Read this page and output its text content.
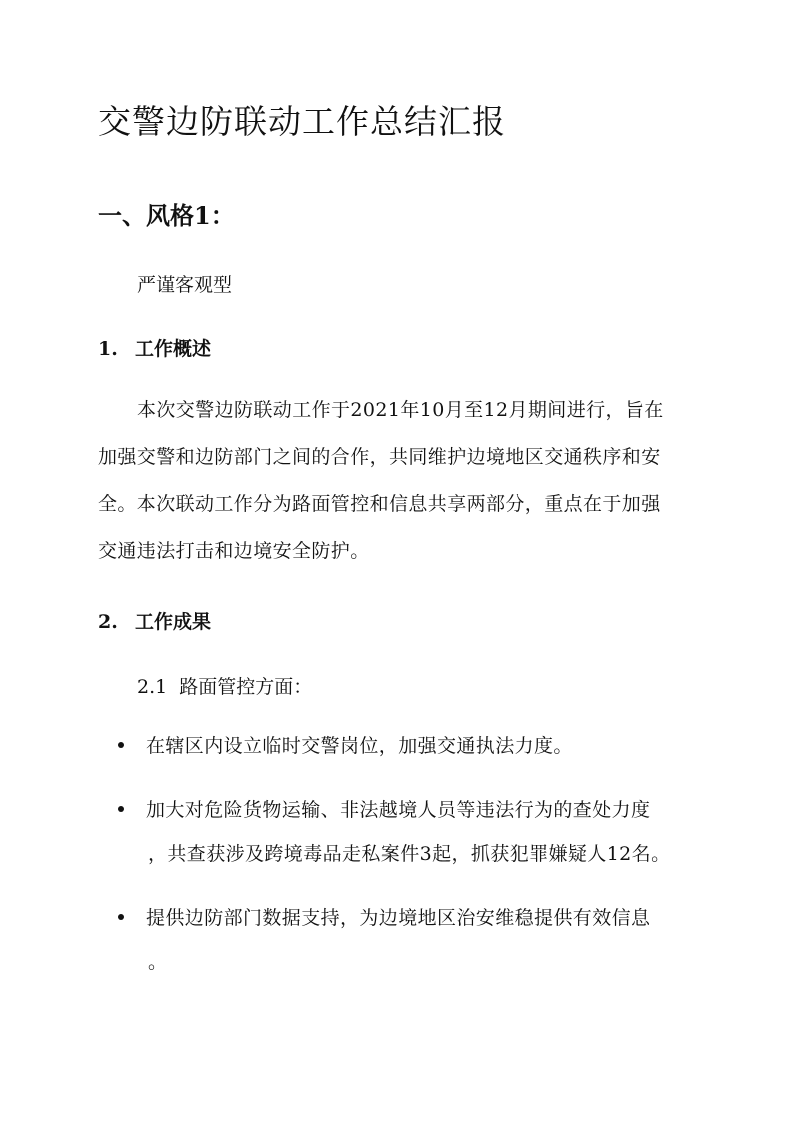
交警边防联动工作总结汇报
一、风格1：

严谨客观型

1. 工作概述
本次交警边防联动工作于2021年10月至12月期间进行，旨在
加强交警和边防部门之间的合作，共同维护边境地区交通秩序和安
全。本次联动工作分为路面管控和信息共享两部分，重点在于加强
交通违法打击和边境安全防护。
2. 工作成果

2.1 路面管控方面：

在辖区内设立临时交警岗位，加强交通执法力度。
加大对危险货物运输、非法越境人员等违法行为的查处力度
，共查获涉及跨境毒品走私案件3起，抓获犯罪嫌疑人12名。
提供边防部门数据支持，为边境地区治安维稳提供有效信息
。
